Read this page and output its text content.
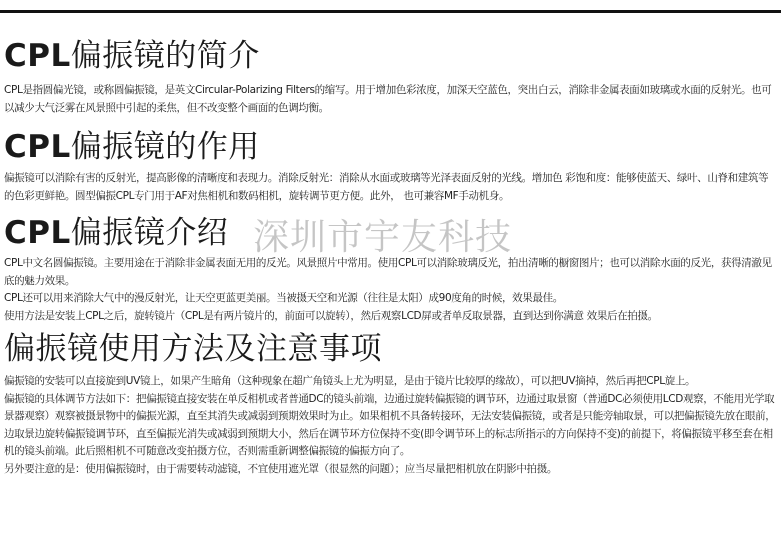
CPL偏振镜的简介

CPL是指圆偏光镜，或称圆偏振镜，是英文Circular-Polarizing Filters的缩写。用于增加色彩浓度，加深天空蓝色，突出白云，消除非金属表面如玻璃或水面的反射光。也可以减少大气泛雾在风景照中引起的柔焦，但不改变整个画面的色调均衡。

CPL偏振镜的作用

偏振镜可以消除有害的反射光，提高影像的清晰度和表现力。消除反射光：消除从水面或玻璃等光泽表面反射的光线。增加色 彩饱和度：能够使蓝天、绿叶、山脊和建筑等的色彩更鲜艳。圆型偏振CPL专门用于AF对焦相机和数码相机，旋转调节更方便。此外， 也可兼容MF手动机身。

CPL偏振镜介绍

CPL中文名圆偏振镜。主要用途在于消除非金属表面无用的反光。风景照片中常用。使用CPL可以消除玻璃反光，拍出清晰的橱窗图片；也可以消除水面的反光，获得清澈见底的魅力效果。

CPL还可以用来消除大气中的漫反射光，让天空更蓝更美丽。当被摄天空和光源（往往是太阳）成90度角的时候，效果最佳。

使用方法是安装上CPL之后，旋转镜片（CPL是有两片镜片的，前面可以旋转），然后观察LCD屏或者单反取景器，直到达到你满意 效果后在拍摄。

偏振镜使用方法及注意事项

偏振镜的安装可以直接旋到UV镜上，如果产生暗角（这种现象在超广角镜头上尤为明显，是由于镜片比较厚的缘故），可以把UV摘掉，然后再把CPL旋上。

偏振镜的具体调节方法如下：把偏振镜直接安装在单反相机或者普通DC的镜头前端，边通过旋转偏振镜的调节环，边通过取景窗（普通DC必须使用LCD观察，不能用光学取景器观察）观察被摄景物中的偏振光源，直至其消失或减弱到预期效果时为止。如果相机不具备转接环，无法安装偏振镜，或者是只能旁轴取景，可以把偏振镜先放在眼前，边取景边旋转偏振镜调节环，直至偏振光消失或减弱到预期大小，然后在调节环方位保持不变(即令调节环上的标志所指示的方向保持不变)的前提下，将偏振镜平移至套在相机的镜头前端。此后照相机不可随意改变拍摄方位，否则需重新调整偏振镜的偏振方向了。

另外要注意的是：使用偏振镜时，由于需要转动滤镜，不宜使用遮光罩（很显然的问题）；应当尽量把相机放在阴影中拍摄。

深圳市宇友科技
